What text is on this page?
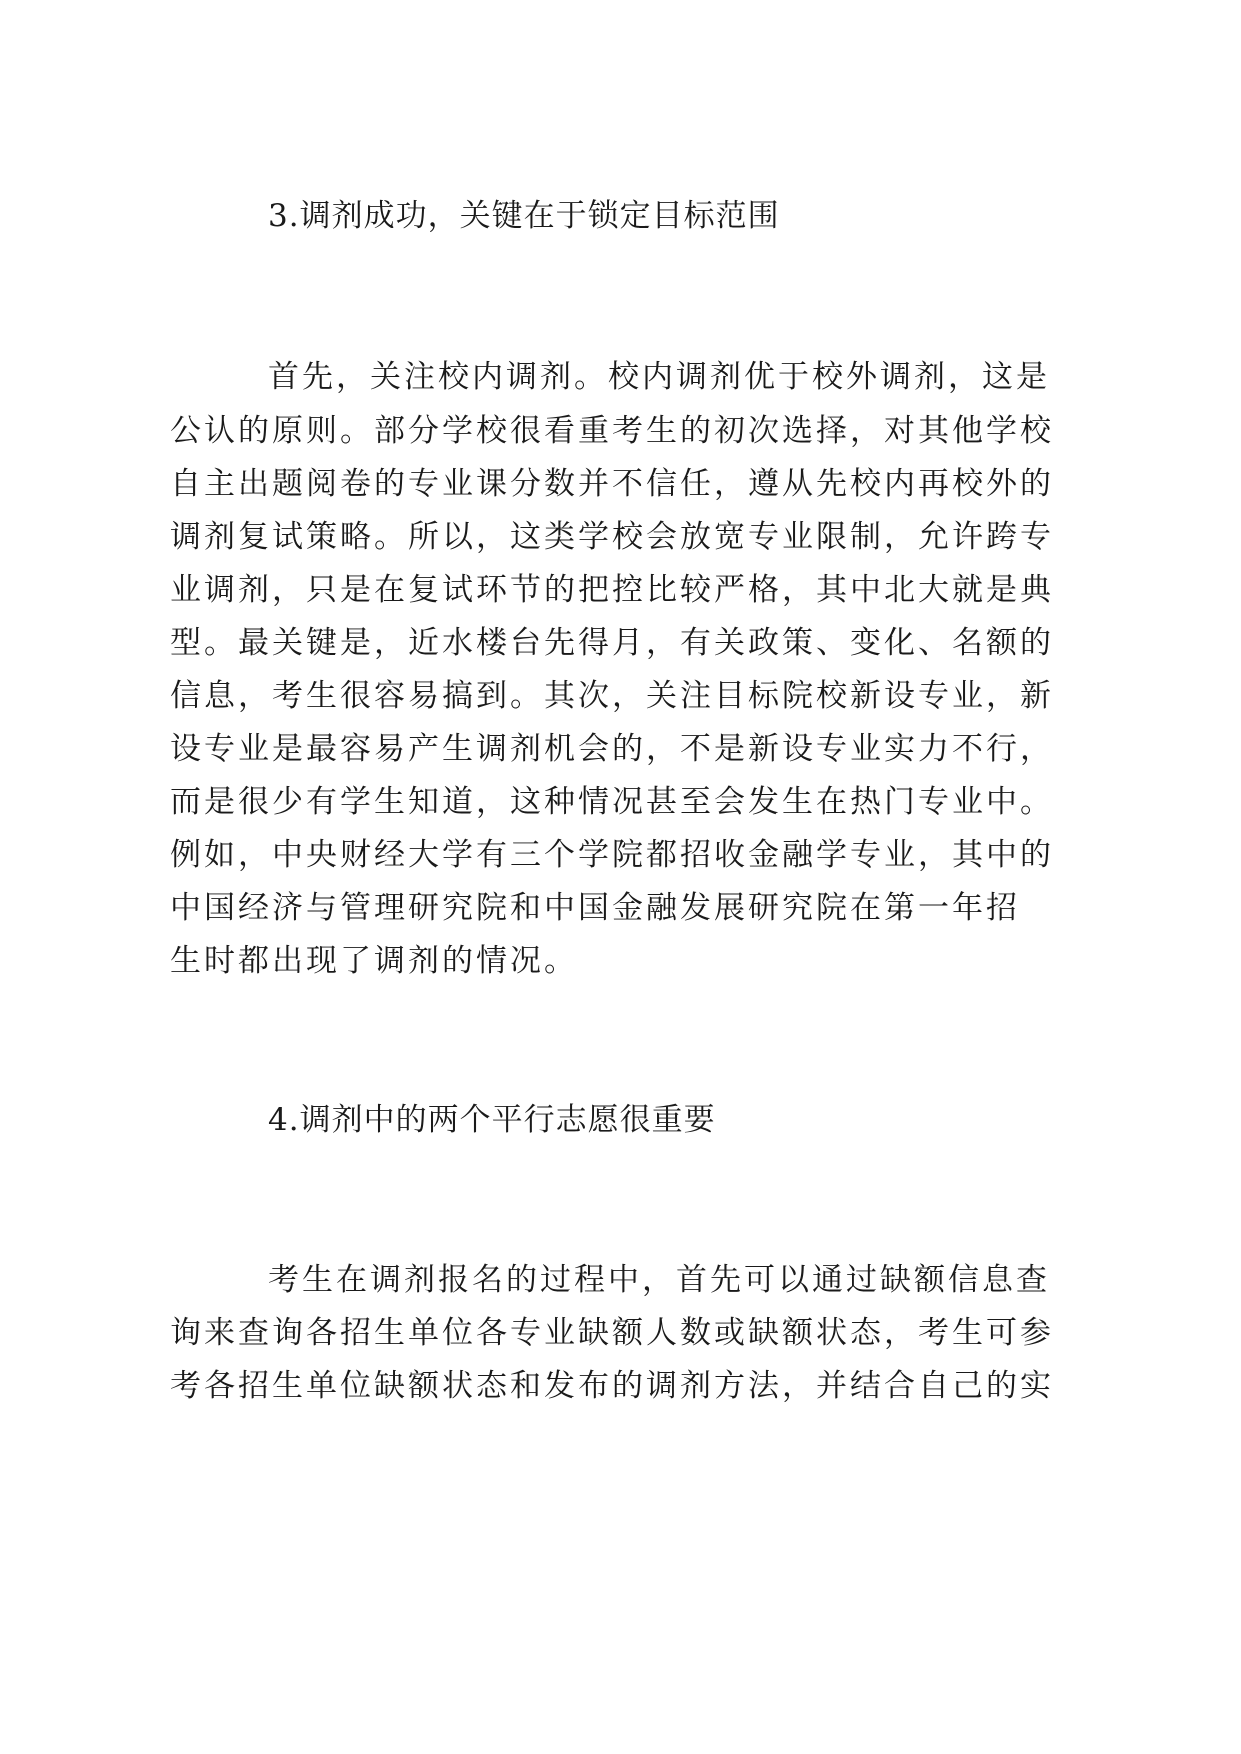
3.调剂成功，关键在于锁定目标范围
首先，关注校内调剂。校内调剂优于校外调剂，这是
公认的原则。部分学校很看重考生的初次选择，对其他学校
自主出题阅卷的专业课分数并不信任，遵从先校内再校外的
调剂复试策略。所以，这类学校会放宽专业限制，允许跨专
业调剂，只是在复试环节的把控比较严格，其中北大就是典
型。最关键是，近水楼台先得月，有关政策、变化、名额的
信息，考生很容易搞到。其次，关注目标院校新设专业，新
设专业是最容易产生调剂机会的，不是新设专业实力不行，
而是很少有学生知道，这种情况甚至会发生在热门专业中。
例如，中央财经大学有三个学院都招收金融学专业，其中的
中国经济与管理研究院和中国金融发展研究院在第一年招
生时都出现了调剂的情况。
4.调剂中的两个平行志愿很重要
考生在调剂报名的过程中，首先可以通过缺额信息查
询来查询各招生单位各专业缺额人数或缺额状态，考生可参
考各招生单位缺额状态和发布的调剂方法，并结合自己的实
